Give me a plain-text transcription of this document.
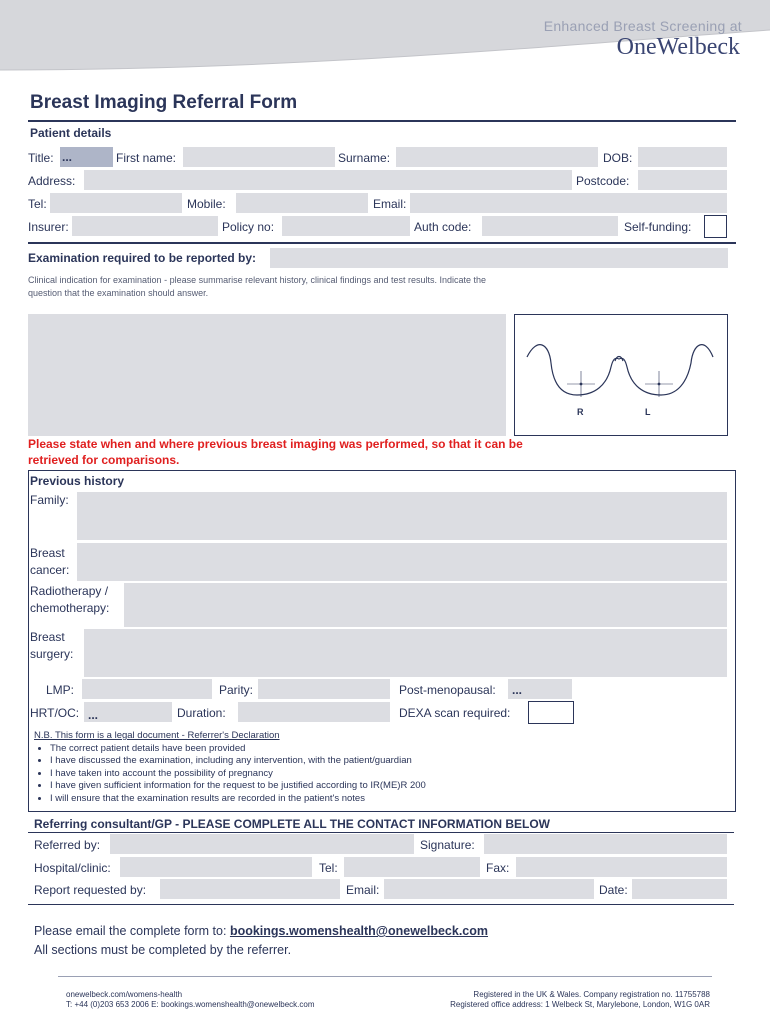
Enhanced Breast Screening at
OneWelbeck
Breast Imaging Referral Form
Patient details
Title: ...	First name:	Surname:	DOB:
Address:	Postcode:
Tel:	Mobile:	Email:
Insurer:	Policy no:	Auth code:	Self-funding:
Examination required to be reported by:
Clinical indication for examination - please summarise relevant history, clinical findings and test results. Indicate the question that the examination should answer.
R	L
Please state when and where previous breast imaging was performed, so that it can be retrieved for comparisons.
Previous history
Family:
Breast
cancer:
Radiotherapy /
chemotherapy:
Breast
surgery:
LMP:	Parity:	Post-menopausal: ...
HRT/OC: ...	Duration:	DEXA scan required:
N.B. This form is a legal document - Referrer's Declaration
• The correct patient details have been provided
• I have discussed the examination, including any intervention, with the patient/guardian
• I have taken into account the possibility of pregnancy
• I have given sufficient information for the request to be justified according to IR(ME)R 200
• I will ensure that the examination results are recorded in the patient's notes
Referring consultant/GP - PLEASE COMPLETE ALL THE CONTACT INFORMATION BELOW
Referred by:	Signature:
Hospital/clinic:	Tel:	Fax:
Report requested by:	Email:	Date:
Please email the complete form to: bookings.womenshealth@onewelbeck.com
All sections must be completed by the referrer.
onewelbeck.com/womens-health
T: +44 (0)203 653 2006 E: bookings.womenshealth@onewelbeck.com
Registered in the UK & Wales. Company registration no. 11755788
Registered office address: 1 Welbeck St, Marylebone, London, W1G 0AR
